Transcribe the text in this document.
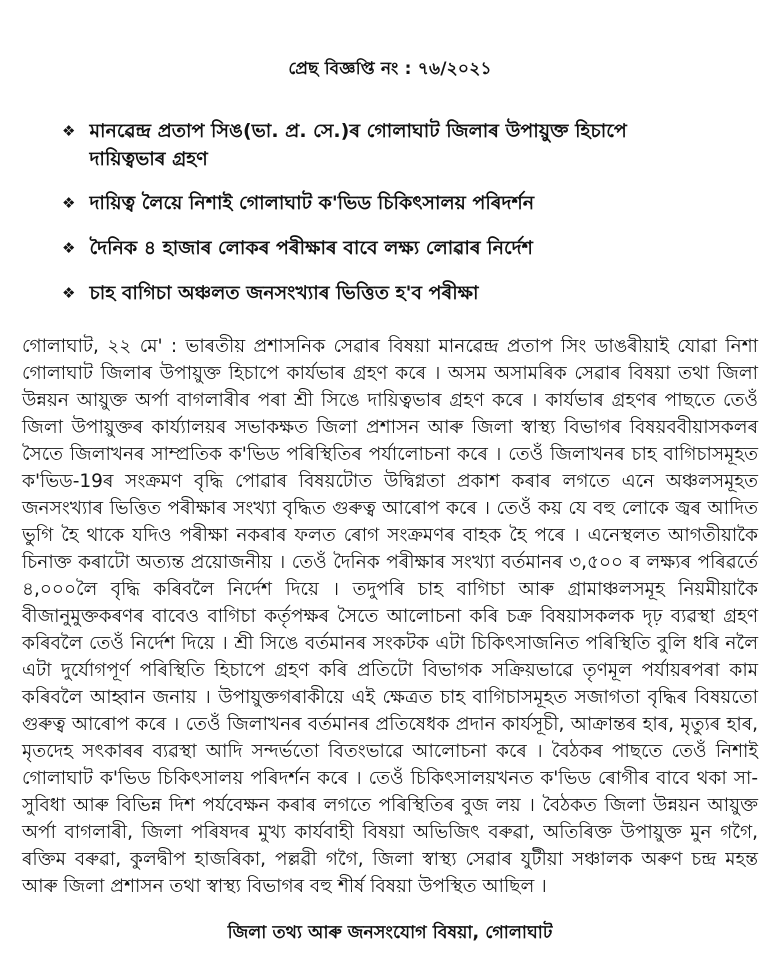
প্ৰেছ বিজ্ঞপ্তি নং : ৭৬/২০২১
❖ মানৱেন্দ্ৰ প্ৰতাপ সিঙ(ভা. প্ৰ. সে.)ৰ গোলাঘাট জিলাৰ উপায়ুক্ত হিচাপে দায়িত্বভাৰ গ্ৰহণ
❖ দায়িত্ব লৈয়ে নিশাই গোলাঘাট ক'ভিড চিকিৎসালয় পৰিদৰ্শন
❖ দৈনিক ৪ হাজাৰ লোকৰ পৰীক্ষাৰ বাবে লক্ষ্য লোৱাৰ নিৰ্দেশ
❖ চাহ বাগিচা অঞ্চলত জনসংখ্যাৰ ভিত্তিত হ'ব পৰীক্ষা

গোলাঘাট, ২২ মে' : ভাৰতীয় প্ৰশাসনিক সেৱাৰ বিষয়া মানৱেন্দ্ৰ প্ৰতাপ সিং ডাঙৰীয়াই যোৱা নিশা গোলাঘাট জিলাৰ উপায়ুক্ত হিচাপে কাৰ্যভাৰ গ্ৰহণ কৰে । অসম অসামৰিক সেৱাৰ বিষয়া তথা জিলা উন্নয়ন আয়ুক্ত অৰ্পা বাগলাৰীৰ পৰা শ্ৰী সিঙে দায়িত্বভাৰ গ্ৰহণ কৰে । কাৰ্যভাৰ গ্ৰহণৰ পাছতে তেওঁ জিলা উপায়ুক্তৰ কাৰ্য্যালয়ৰ সভাকক্ষত জিলা প্ৰশাসন আৰু জিলা স্বাস্থ্য বিভাগৰ বিষয়ববীয়াসকলৰ সৈতে জিলাখনৰ সাম্প্ৰতিক ক'ভিড পৰিস্থিতিৰ পৰ্যালোচনা কৰে । তেওঁ জিলাখনৰ চাহ বাগিচাসমূহত ক'ভিড-19ৰ সংক্ৰমণ বৃদ্ধি পোৱাৰ বিষয়টোত উদ্বিগ্নতা প্ৰকাশ কৰাৰ লগতে এনে অঞ্চলসমূহত জনসংখ্যাৰ ভিত্তিত পৰীক্ষাৰ সংখ্যা বৃদ্ধিত গুৰুত্ব আৰোপ কৰে । তেওঁ কয় যে বহু লোকে জ্বৰ আদিত ভুগি হৈ থাকে যদিও পৰীক্ষা নকৰাৰ ফলত ৰোগ সংক্ৰমণৰ বাহক হৈ পৰে । এনেস্থলত আগতীয়াকৈ চিনাক্ত কৰাটো অত্যন্ত প্ৰয়োজনীয় । তেওঁ দৈনিক পৰীক্ষাৰ সংখ্যা বৰ্তমানৰ ৩,৫০০ ৰ লক্ষ্যৰ পৰিৱৰ্তে ৪,০০০লৈ বৃদ্ধি কৰিবলৈ নিৰ্দেশ দিয়ে । তদুপৰি চাহ বাগিচা আৰু গ্ৰামাঞ্চলসমূহ নিয়মীয়াকৈ বীজানুমুক্তকৰণৰ বাবেও বাগিচা কৰ্তৃপক্ষৰ সৈতে আলোচনা কৰি চক্ৰ বিষয়াসকলক দৃঢ় ব্যৱস্থা গ্ৰহণ কৰিবলৈ তেওঁ নিৰ্দেশ দিয়ে । শ্ৰী সিঙে বৰ্তমানৰ সংকটক এটা চিকিৎসাজনিত পৰিস্থিতি বুলি ধৰি নলৈ এটা দুৰ্যোগপূৰ্ণ পৰিস্থিতি হিচাপে গ্ৰহণ কৰি প্ৰতিটো বিভাগক সক্ৰিয়ভাৱে তৃণমূল পৰ্যায়ৰপৰা কাম কৰিবলৈ আহ্বান জনায় । উপায়ুক্তগৰাকীয়ে এই ক্ষেত্ৰত চাহ বাগিচাসমূহত সজাগতা বৃদ্ধিৰ বিষয়তো গুৰুত্ব আৰোপ কৰে । তেওঁ জিলাখনৰ বৰ্তমানৰ প্ৰতিষেধক প্ৰদান কাৰ্যসূচী, আক্ৰান্তৰ হাৰ, মৃত্যুৰ হাৰ, মৃতদেহ সৎকাৰৰ ব্যৱস্থা আদি সন্দৰ্ভতো বিতংভাৱে আলোচনা কৰে । বৈঠকৰ পাছতে তেওঁ নিশাই গোলাঘাট ক'ভিড চিকিৎসালয় পৰিদৰ্শন কৰে । তেওঁ চিকিৎসালয়খনত ক'ভিড ৰোগীৰ বাবে থকা সা-সুবিধা আৰু বিভিন্ন দিশ পৰ্যবেক্ষন কৰাৰ লগতে পৰিস্থিতিৰ বুজ লয় । বৈঠকত জিলা উন্নয়ন আয়ুক্ত অৰ্পা বাগলাৰী, জিলা পৰিষদৰ মুখ্য কাৰ্যবাহী বিষয়া অভিজিৎ বৰুৱা, অতিৰিক্ত উপায়ুক্ত মুন গগৈ, ৰক্তিম বৰুৱা, কুলদ্বীপ হাজৰিকা, পল্লৱী গগৈ, জিলা স্বাস্থ্য সেৱাৰ যুটীয়া সঞ্চালক অৰুণ চন্দ্ৰ মহন্ত আৰু জিলা প্ৰশাসন তথা স্বাস্থ্য বিভাগৰ বহু শীৰ্ষ বিষয়া উপস্থিত আছিল ।

জিলা তথ্য আৰু জনসংযোগ বিষয়া, গোলাঘাট
